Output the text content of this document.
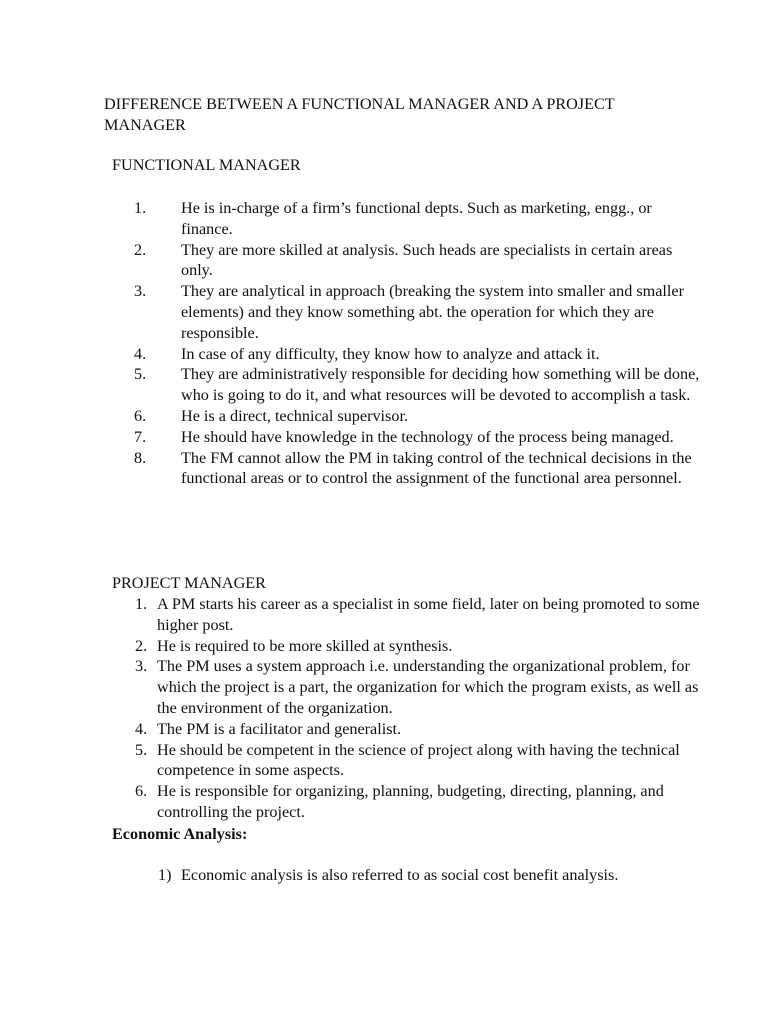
DIFFERENCE BETWEEN A FUNCTIONAL MANAGER AND A PROJECT MANAGER
FUNCTIONAL MANAGER
1. He is in-charge of a firm’s functional depts. Such as marketing, engg., or finance.
2. They are more skilled at analysis. Such heads are specialists in certain areas only.
3. They are analytical in approach (breaking the system into smaller and smaller elements) and they know something abt. the operation for which they are responsible.
4. In case of any difficulty, they know how to analyze and attack it.
5. They are administratively responsible for deciding how something will be done, who is going to do it, and what resources will be devoted to accomplish a task.
6. He is a direct, technical supervisor.
7. He should have knowledge in the technology of the process being managed.
8. The FM cannot allow the PM in taking control of the technical decisions in the functional areas or to control the assignment of the functional area personnel.
PROJECT MANAGER
1. A PM starts his career as a specialist in some field, later on being promoted to some higher post.
2. He is required to be more skilled at synthesis.
3. The PM uses a system approach i.e. understanding the organizational problem, for which the project is a part, the organization for which the program exists, as well as the environment of the organization.
4. The PM is a facilitator and generalist.
5. He should be competent in the science of project along with having the technical competence in some aspects.
6. He is responsible for organizing, planning, budgeting, directing, planning, and controlling the project.
Economic Analysis:
1) Economic analysis is also referred to as social cost benefit analysis.
